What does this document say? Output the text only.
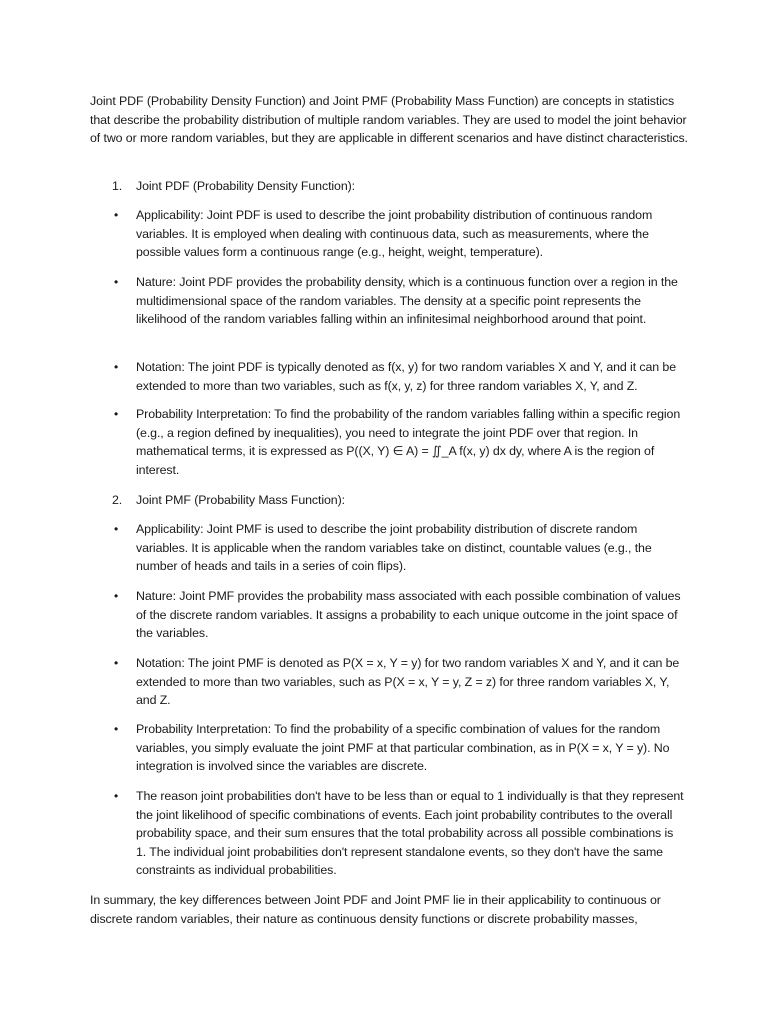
Joint PDF (Probability Density Function) and Joint PMF (Probability Mass Function) are concepts in statistics that describe the probability distribution of multiple random variables. They are used to model the joint behavior of two or more random variables, but they are applicable in different scenarios and have distinct characteristics.

1. Joint PDF (Probability Density Function):

• Applicability: Joint PDF is used to describe the joint probability distribution of continuous random variables. It is employed when dealing with continuous data, such as measurements, where the possible values form a continuous range (e.g., height, weight, temperature).

• Nature: Joint PDF provides the probability density, which is a continuous function over a region in the multidimensional space of the random variables. The density at a specific point represents the likelihood of the random variables falling within an infinitesimal neighborhood around that point.

• Notation: The joint PDF is typically denoted as f(x, y) for two random variables X and Y, and it can be extended to more than two variables, such as f(x, y, z) for three random variables X, Y, and Z.

• Probability Interpretation: To find the probability of the random variables falling within a specific region (e.g., a region defined by inequalities), you need to integrate the joint PDF over that region. In mathematical terms, it is expressed as P((X, Y) ∈ A) = ∬_A f(x, y) dx dy, where A is the region of interest.

2. Joint PMF (Probability Mass Function):

• Applicability: Joint PMF is used to describe the joint probability distribution of discrete random variables. It is applicable when the random variables take on distinct, countable values (e.g., the number of heads and tails in a series of coin flips).

• Nature: Joint PMF provides the probability mass associated with each possible combination of values of the discrete random variables. It assigns a probability to each unique outcome in the joint space of the variables.

• Notation: The joint PMF is denoted as P(X = x, Y = y) for two random variables X and Y, and it can be extended to more than two variables, such as P(X = x, Y = y, Z = z) for three random variables X, Y, and Z.

• Probability Interpretation: To find the probability of a specific combination of values for the random variables, you simply evaluate the joint PMF at that particular combination, as in P(X = x, Y = y). No integration is involved since the variables are discrete.

• The reason joint probabilities don't have to be less than or equal to 1 individually is that they represent the joint likelihood of specific combinations of events. Each joint probability contributes to the overall probability space, and their sum ensures that the total probability across all possible combinations is 1. The individual joint probabilities don't represent standalone events, so they don't have the same constraints as individual probabilities.

In summary, the key differences between Joint PDF and Joint PMF lie in their applicability to continuous or discrete random variables, their nature as continuous density functions or discrete probability masses,
